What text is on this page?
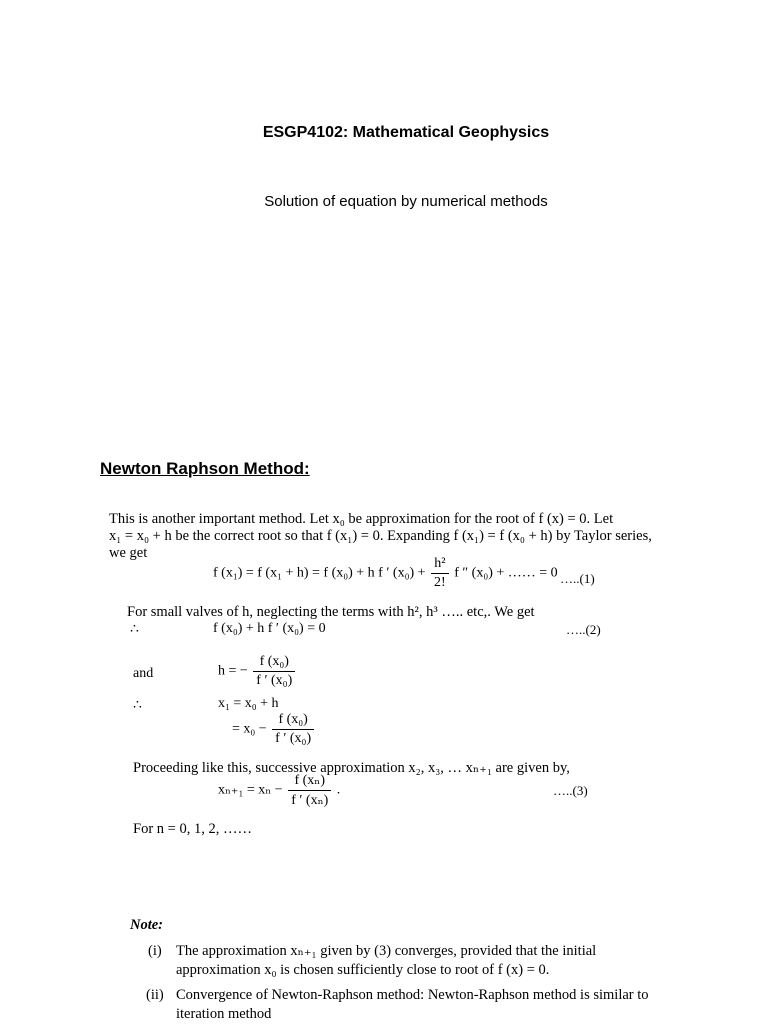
ESGP4102: Mathematical Geophysics
Solution of equation by numerical methods
Newton Raphson Method:
This is another important method. Let x₀ be approximation for the root of f (x) = 0. Let
x₁ = x₀ + h be the correct root so that f (x₁) = 0. Expanding f (x₁) = f (x₀ + h) by Taylor series,
we get
f (x₁) = f (x₁ + h) = f (x₀) + h f ′ $(x_0) + \frac{\text{h²}}{2!}$ f ″ (x₀) + …… = 0 …..(1)
For small valves of h, neglecting the terms with h², h³ ….. etc,. We get
∴	f (x₀) + h f ′ (x₀) = 0	…..(2)
and	h = − $\frac{\text{f (x₀)}}{\text{f ′ (x₀)}}$
∴	x₁ = x₀ + h
= $x_0 - \frac{\text{f (x₀)}}{\text{f ′ (x₀)}}$
Proceeding like this, successive approximation x₂, x₃, … xₙ₊₁ are given by,
$x_{n+1} = x_n - \frac{\text{f (xₙ)}}{\text{f ′ (xₙ)}}$ .	…..(3)
For n = 0, 1, 2, ……
Note:
(i) The approximation xₙ₊₁ given by (3) converges, provided that the initial
approximation x₀ is chosen sufficiently close to root of f (x) = 0.
(ii) Convergence of Newton-Raphson method: Newton-Raphson method is similar to
iteration method
